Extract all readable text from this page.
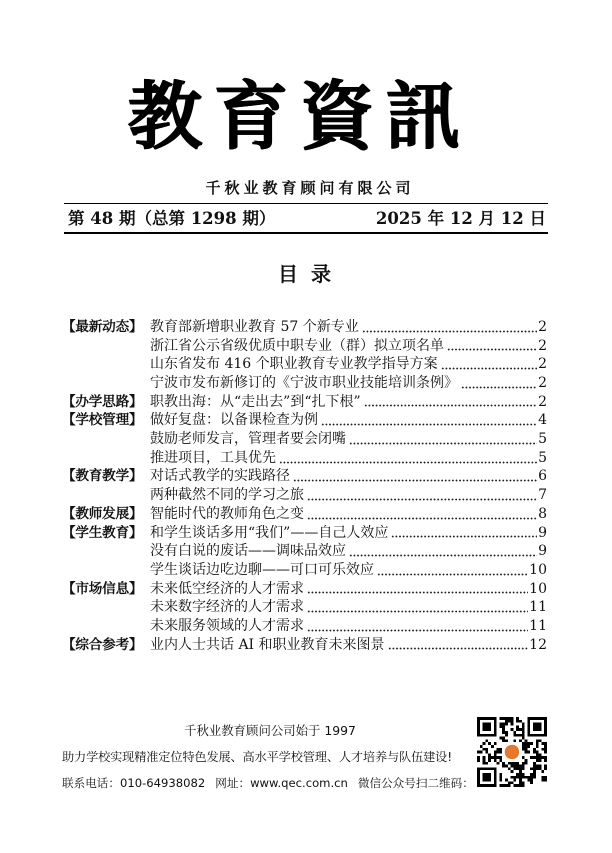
教育資訊
千秋业教育顾问有限公司
第 48 期（总第 1298 期）	2025 年 12 月 12 日
目 录
【最新动态】 教育部新增职业教育 57 个新专业	2
浙江省公示省级优质中职专业（群）拟立项名单	2
山东省发布 416 个职业教育专业教学指导方案	2
宁波市发布新修订的《宁波市职业技能培训条例》	2
【办学思路】 职教出海：从“走出去”到“扎下根”	2
【学校管理】 做好复盘：以备课检查为例	4
鼓励老师发言，管理者要会闭嘴	5
推进项目，工具优先	5
【教育教学】 对话式教学的实践路径	6
两种截然不同的学习之旅	7
【教师发展】 智能时代的教师角色之变	8
【学生教育】 和学生谈话多用“我们”——自己人效应	9
没有白说的废话——调味品效应	9
学生谈话边吃边聊——可口可乐效应	10
【市场信息】 未来低空经济的人才需求	10
未来数字经济的人才需求	11
未来服务领域的人才需求	11
【综合参考】 业内人士共话 AI 和职业教育未来图景	12
千秋业教育顾问公司始于 1997
助力学校实现精准定位特色发展、高水平学校管理、人才培养与队伍建设!
联系电话：010-64938082 网址：www.qec.com.cn 微信公众号扫二维码：
